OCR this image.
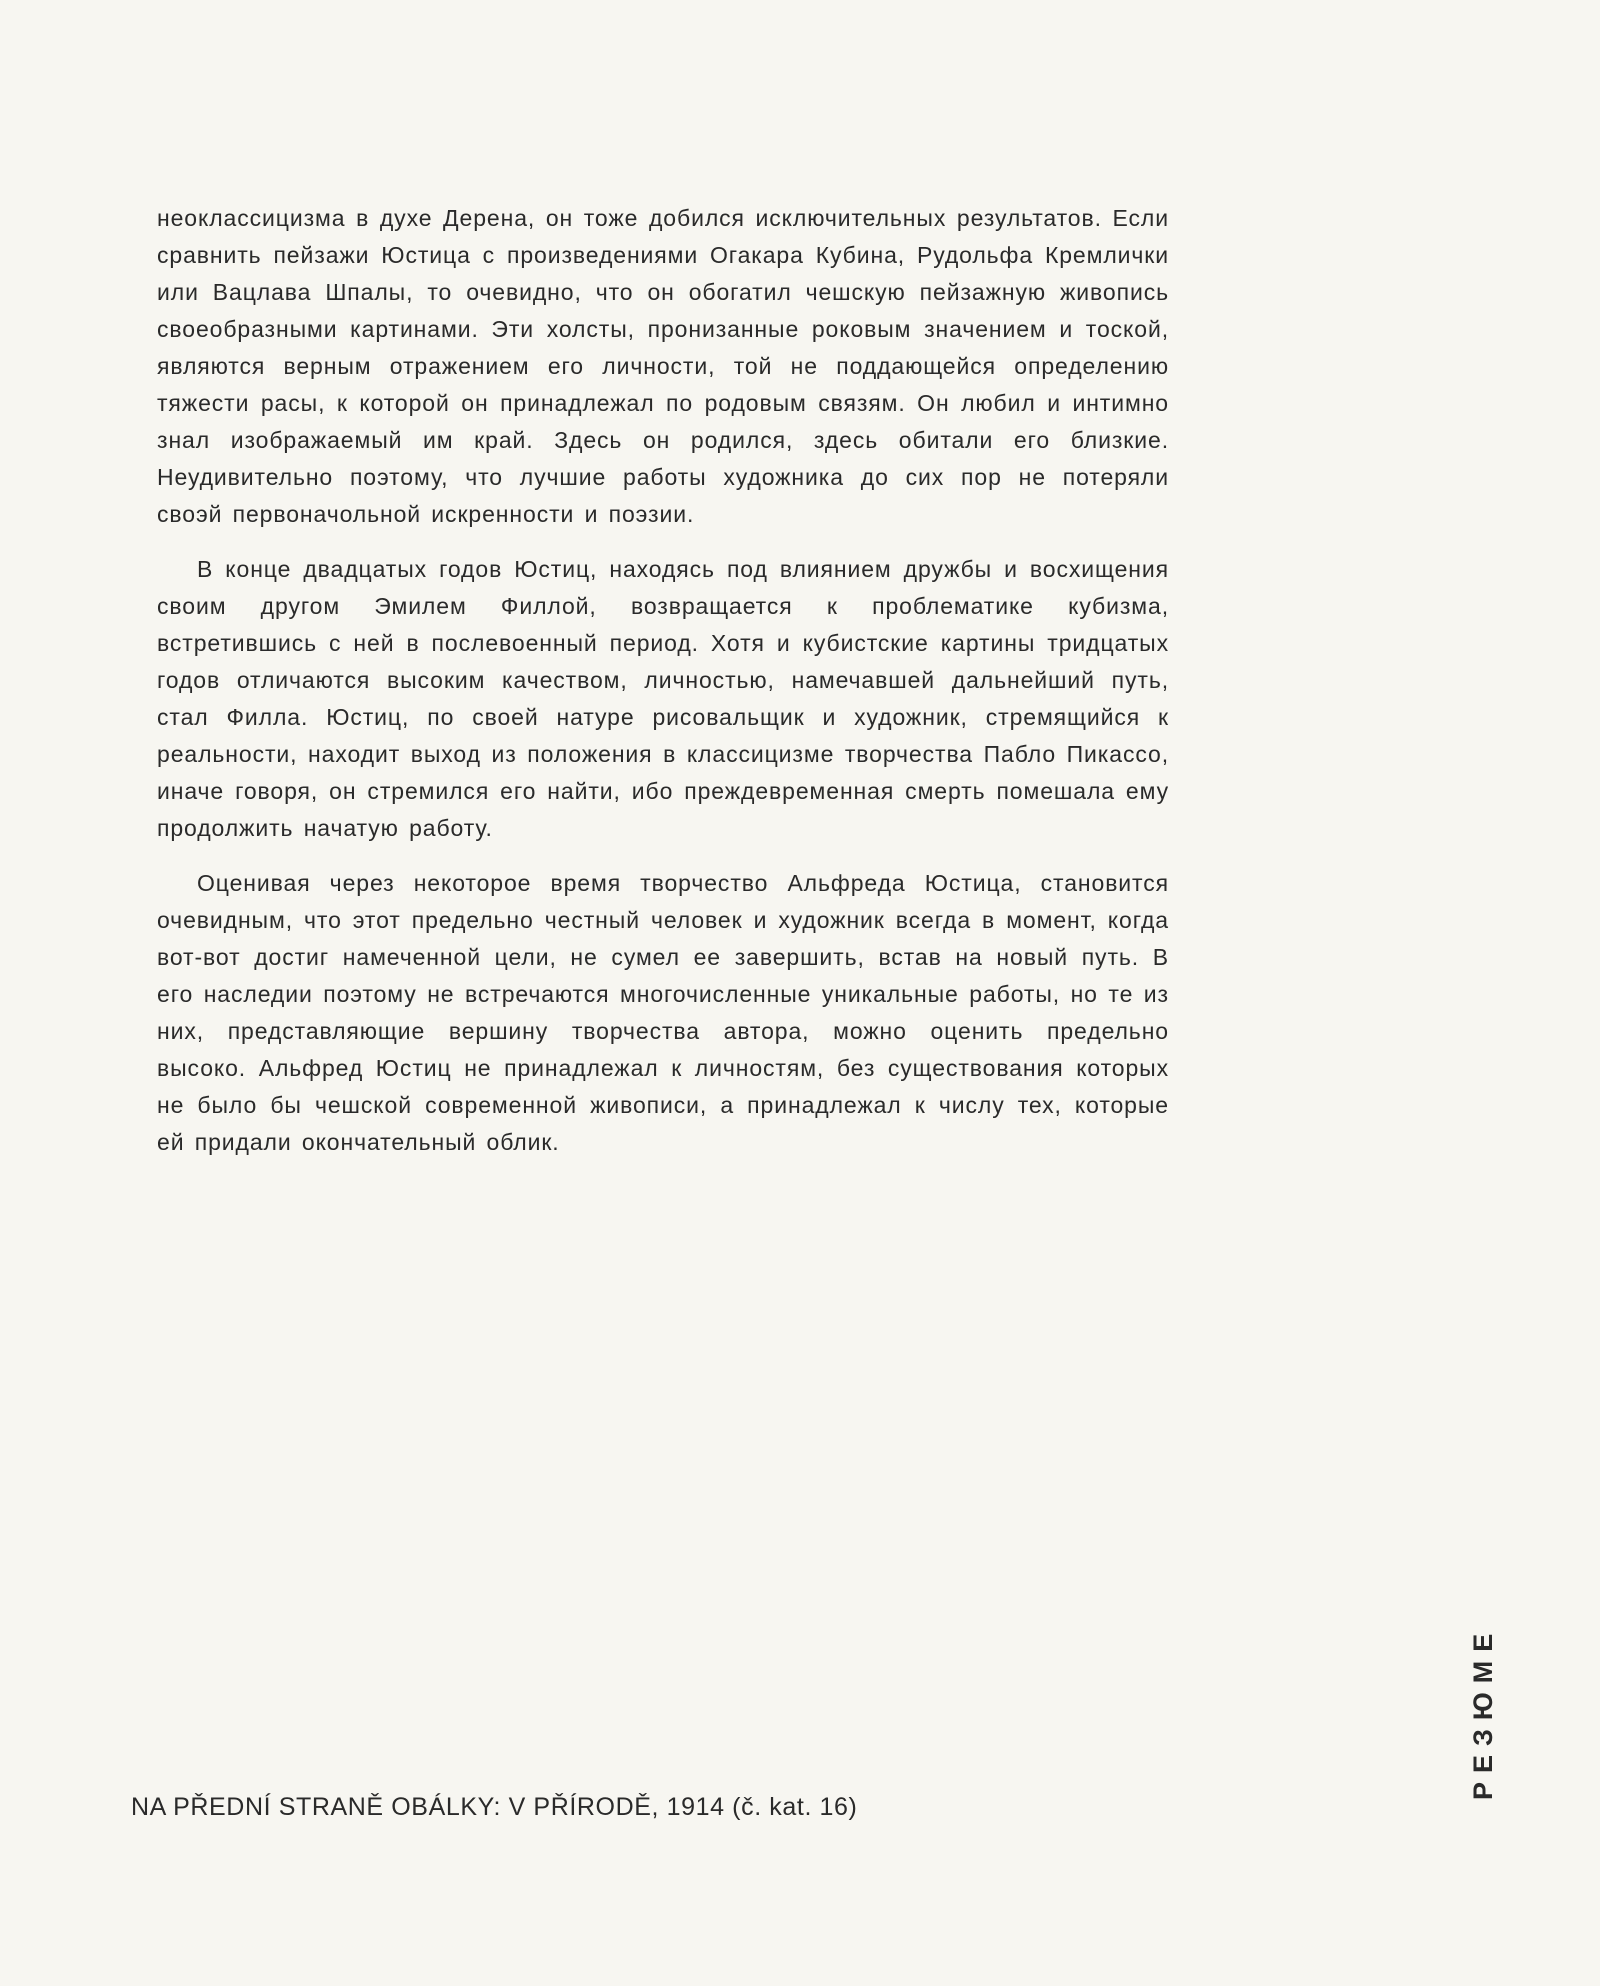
неоклассицизма в духе Дерена, он тоже добился исключительных результатов. Если сравнить пейзажи Юстица с произведениями Огакара Кубина, Рудольфа Кремлички или Вацлава Шпалы, то очевидно, что он обогатил чешскую пейзажную живопись своеобразными картинами. Эти холсты, пронизанные роковым значением и тоской, являются верным отражением его личности, той не поддающейся определению тяжести расы, к которой он принадлежал по родовым связям. Он любил и интимно знал изображаемый им край. Здесь он родился, здесь обитали его близкие. Неудивительно поэтому, что лучшие работы художника до сих пор не потеряли своэй первоначольной искренности и поэзии.

В конце двадцатых годов Юстиц, находясь под влиянием дружбы и восхищения своим другом Эмилем Филлой, возвращается к проблематике кубизма, встретившись с ней в послевоенный период. Хотя и кубистские картины тридцатых годов отличаются высоким качеством, личностью, намечавшей дальнейший путь, стал Филла. Юстиц, по своей натуре рисовальщик и художник, стремящийся к реальности, находит выход из положения в классицизме творчества Пабло Пикассо, иначе говоря, он стремился его найти, ибо преждевременная смерть помешала ему продолжить начатую работу.

Оценивая через некоторое время творчество Альфреда Юстица, становится очевидным, что этот предельно честный человек и художник всегда в момент, когда вот-вот достиг намеченной цели, не сумел ее завершить, встав на новый путь. В его наследии поэтому не встречаются многочисленные уникальные работы, но те из них, представляющие вершину творчества автора, можно оценить предельно высоко. Альфред Юстиц не принадлежал к личностям, без существования которых не было бы чешской современной живописи, а принадлежал к числу тех, которые ей придали окончательный облик.

NA PŘEDNÍ STRANĚ OBÁLKY: V PŘÍRODĚ, 1914 (č. kat. 16)
РЕЗЮМЕ
